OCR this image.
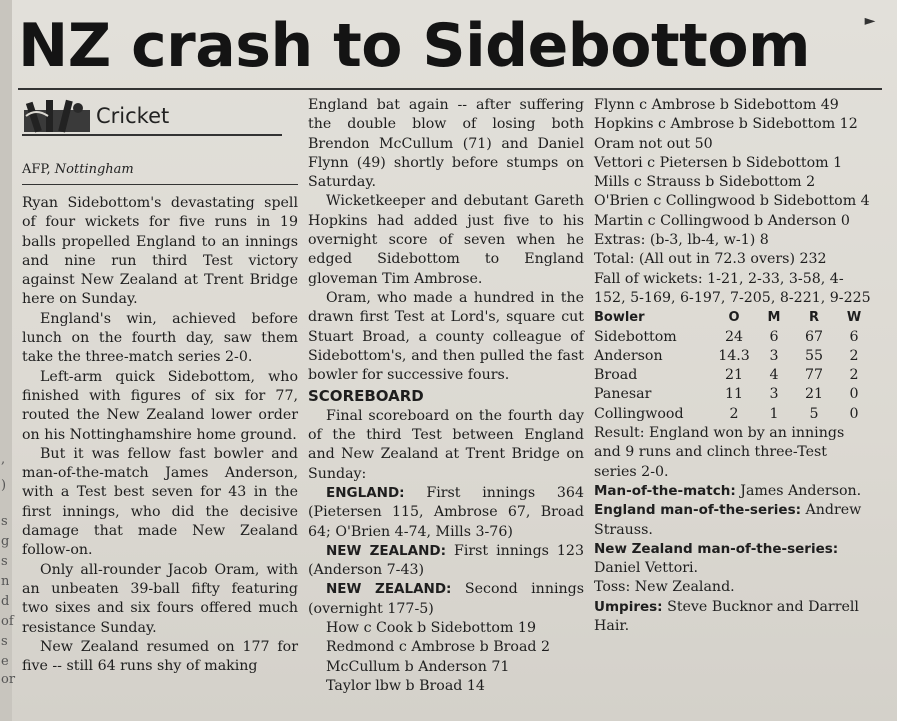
,
)
s
g
s
n
d
of
s
e
or
NZ crash to Sidebottom	►
Cricket
AFP, Nottingham

Ryan Sidebottom's devastating spell of four wickets for five runs in 19 balls propelled England to an innings and nine run third Test victory against New Zealand at Trent Bridge here on Sunday.

England's win, achieved before lunch on the fourth day, saw them take the three-match series 2-0.

Left-arm quick Sidebottom, who finished with figures of six for 77, routed the New Zealand lower order on his Nottinghamshire home ground.

But it was fellow fast bowler and man-of-the-match James Anderson, with a Test best seven for 43 in the first innings, who did the decisive damage that made New Zealand follow-on.

Only all-rounder Jacob Oram, with an unbeaten 39-ball fifty featuring two sixes and six fours offered much resistance Sunday.

New Zealand resumed on 177 for five -- still 64 runs shy of making

England bat again -- after suffering the double blow of losing both Brendon McCullum (71) and Daniel Flynn (49) shortly before stumps on Saturday.

Wicketkeeper and debutant Gareth Hopkins had added just five to his overnight score of seven when he edged Sidebottom to England gloveman Tim Ambrose.

Oram, who made a hundred in the drawn first Test at Lord's, square cut Stuart Broad, a county colleague of Sidebottom's, and then pulled the fast bowler for successive fours.

SCOREBOARD

Final scoreboard on the fourth day of the third Test between England and New Zealand at Trent Bridge on Sunday:

ENGLAND: First innings 364 (Pietersen 115, Ambrose 67, Broad 64; O'Brien 4-74, Mills 3-76)

NEW ZEALAND: First innings 123 (Anderson 7-43)

NEW ZEALAND: Second innings (overnight 177-5)

How c Cook b Sidebottom 19

Redmond c Ambrose b Broad 2

McCullum b Anderson 71

Taylor lbw b Broad 14

Flynn c Ambrose b Sidebottom 49

Hopkins c Ambrose b Sidebottom 12

Oram not out 50

Vettori c Pietersen b Sidebottom 1

Mills c Strauss b Sidebottom 2

O'Brien c Collingwood b Sidebottom 4

Martin c Collingwood b Anderson 0

Extras: (b-3, lb-4, w-1) 8

Total: (All out in 72.3 overs) 232

Fall of wickets: 1-21, 2-33, 3-58, 4-152, 5-169, 6-197, 7-205, 8-221, 9-225

Bowler	O	M	R	W
Sidebottom	24	6	67	6
Anderson	14.3	3	55	2
Broad	21	4	77	2
Panesar	11	3	21	0
Collingwood	2	1	5	0

Result: England won by an innings and 9 runs and clinch three-Test series 2-0.

Man-of-the-match: James Anderson.

England man-of-the-series: Andrew Strauss.

New Zealand man-of-the-series: Daniel Vettori.

Toss: New Zealand.

Umpires: Steve Bucknor and Darrell Hair.
